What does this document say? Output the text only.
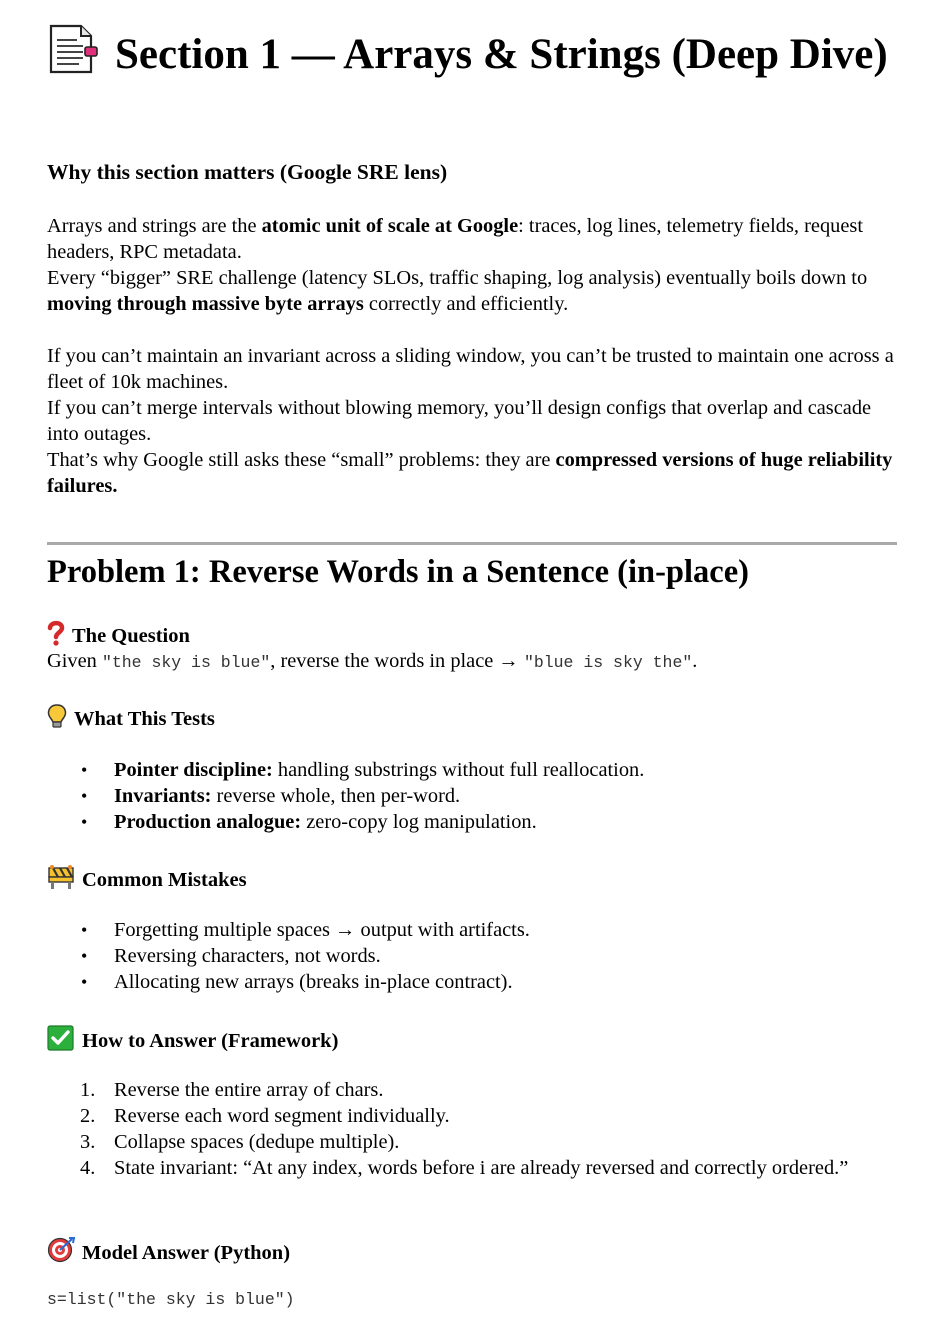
Section 1 — Arrays & Strings (Deep Dive)
Why this section matters (Google SRE lens)

Arrays and strings are the atomic unit of scale at Google: traces, log lines, telemetry fields, request headers, RPC metadata.
Every “bigger” SRE challenge (latency SLOs, traffic shaping, log analysis) eventually boils down to moving through massive byte arrays correctly and efficiently.

If you can’t maintain an invariant across a sliding window, you can’t be trusted to maintain one across a fleet of 10k machines.
If you can’t merge intervals without blowing memory, you’ll design configs that overlap and cascade into outages.
That’s why Google still asks these “small” problems: they are compressed versions of huge reliability failures.

Problem 1: Reverse Words in a Sentence (in-place)
The Question

Given "the sky is blue", reverse the words in place → "blue is sky the".

What This Tests
• Pointer discipline: handling substrings without full reallocation.
• Invariants: reverse whole, then per-word.
• Production analogue: zero-copy log manipulation.
Common Mistakes
• Forgetting multiple spaces → output with artifacts.
• Reversing characters, not words.
• Allocating new arrays (breaks in-place contract).
How to Answer (Framework)
1. Reverse the entire array of chars.
2. Reverse each word segment individually.
3. Collapse spaces (dedupe multiple).
4. State invariant: “At any index, words before i are already reversed and correctly ordered.”
Model Answer (Python)
s=list("the sky is blue")
